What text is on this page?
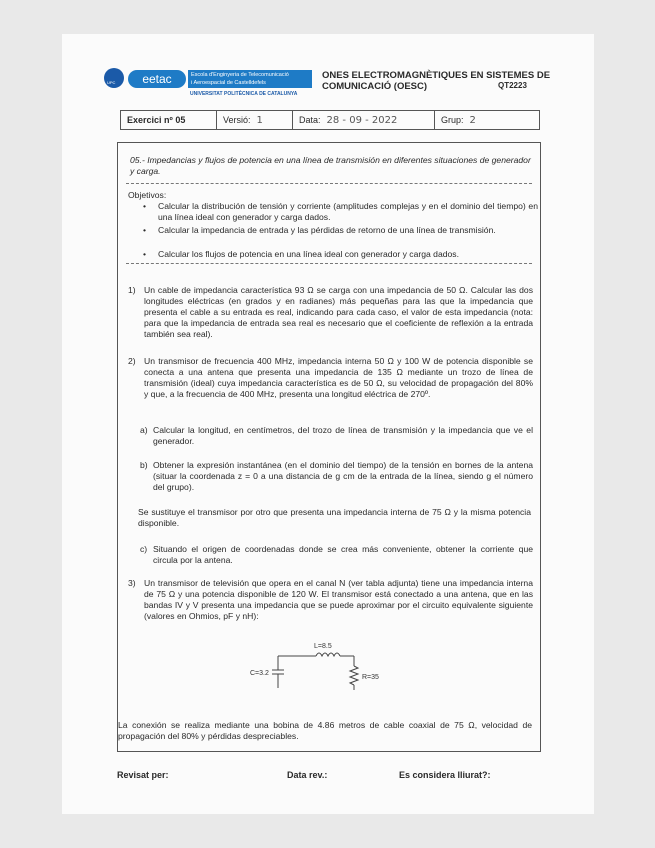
UPC
eetac	Escola d'Enginyeria de Telecomunicació
i Aeroespacial de Castelldefels
UNIVERSITAT POLITÈCNICA DE CATALUNYA
ONES ELECTROMAGNÈTIQUES EN SISTEMES DE
COMUNICACIÓ (OESC)	QT2223
Exercici nº 05	Versió: 1	Data: 28 - 09 - 2022	Grup: 2
05.- Impedancias y flujos de potencia en una línea de transmisión en diferentes situaciones de generador y carga.
Objetivos:
• Calcular la distribución de tensión y corriente (amplitudes complejas y en el dominio del tiempo) en una línea ideal con generador y carga dados.
• Calcular la impedancia de entrada y las pérdidas de retorno de una línea de transmisión.
• Calcular los flujos de potencia en una línea ideal con generador y carga dados.
1) Un cable de impedancia característica 93 Ω se carga con una impedancia de 50 Ω. Calcular las dos longitudes eléctricas (en grados y en radianes) más pequeñas para las que la impedancia que presenta el cable a su entrada es real, indicando para cada caso, el valor de esta impedancia (nota: para que la impedancia de entrada sea real es necesario que el coeficiente de reflexión a la entrada también sea real).
2) Un transmisor de frecuencia 400 MHz, impedancia interna 50 Ω y 100 W de potencia disponible se conecta a una antena que presenta una impedancia de 135 Ω mediante un trozo de línea de transmisión (ideal) cuya impedancia característica es de 50 Ω, su velocidad de propagación del 80% y que, a la frecuencia de 400 MHz, presenta una longitud eléctrica de 270º.
a) Calcular la longitud, en centímetros, del trozo de línea de transmisión y la impedancia que ve el generador.
b) Obtener la expresión instantánea (en el dominio del tiempo) de la tensión en bornes de la antena (situar la coordenada z = 0 a una distancia de g cm de la entrada de la línea, siendo g el número del grupo).
Se sustituye el transmisor por otro que presenta una impedancia interna de 75 Ω y la misma potencia disponible.
c) Situando el origen de coordenadas donde se crea más conveniente, obtener la corriente que circula por la antena.
3) Un transmisor de televisión que opera en el canal N (ver tabla adjunta) tiene una impedancia interna de 75 Ω y una potencia disponible de 120 W. El transmisor está conectado a una antena, que en las bandas IV y V presenta una impedancia que se puede aproximar por el circuito equivalente siguiente (valores en Ohmios, pF y nH):
L=8.5
C=3.2
R=35
La conexión se realiza mediante una bobina de 4.86 metros de cable coaxial de 75 Ω, velocidad de propagación del 80% y pérdidas despreciables.
Revisat per:	Data rev.:	Es considera lliurat?:
